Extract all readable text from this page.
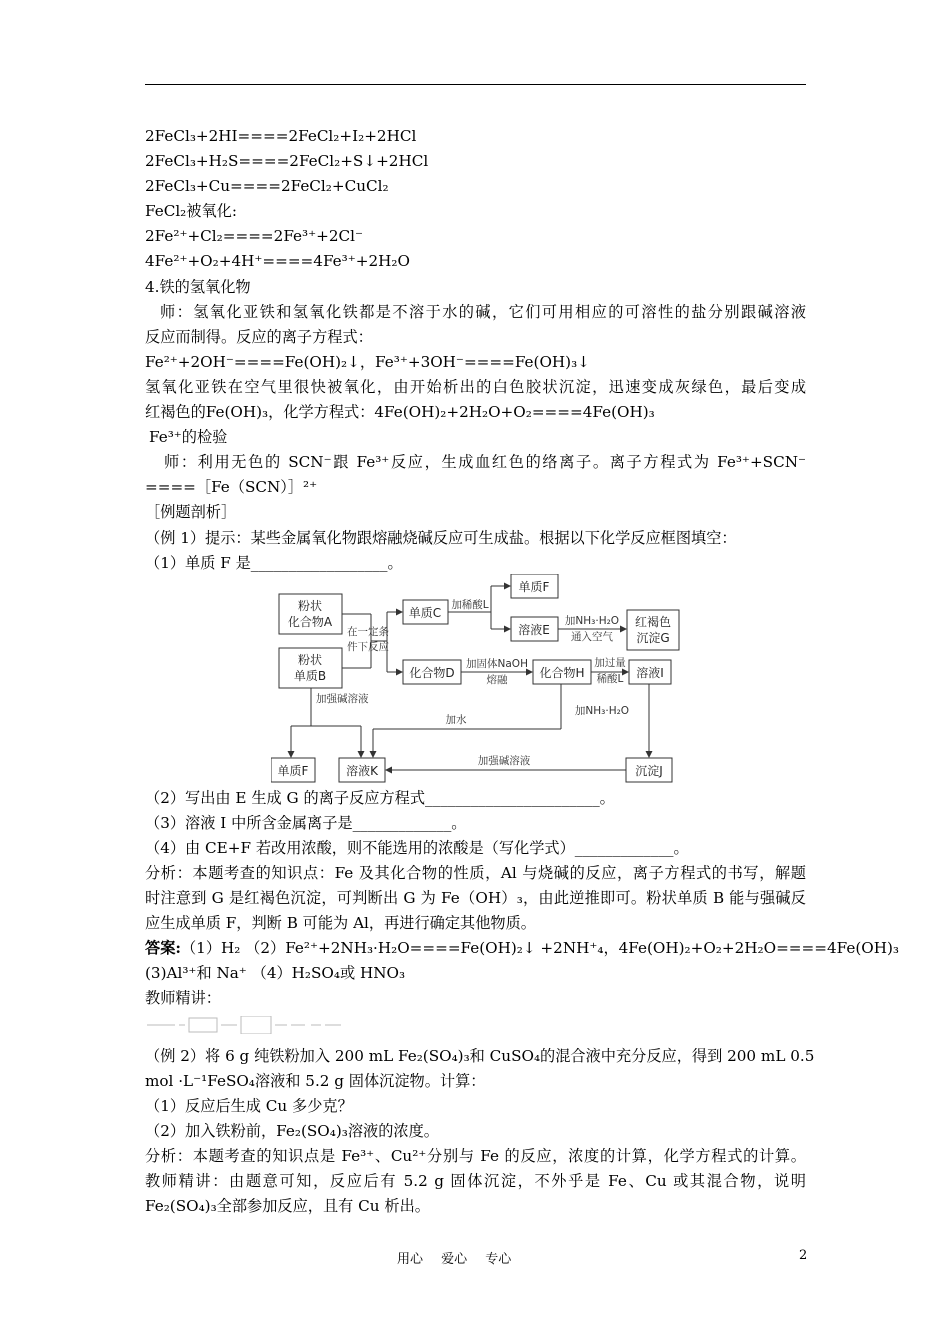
2FeCl₃+2HI====2FeCl₂+I₂+2HCl
2FeCl₃+H₂S====2FeCl₂+S↓+2HCl
2FeCl₃+Cu====2FeCl₂+CuCl₂
FeCl₂被氧化:
2Fe²⁺+Cl₂====2Fe³⁺+2Cl⁻
4Fe²⁺+O₂+4H⁺====4Fe³⁺+2H₂O
4.铁的氢氧化物
师：氢氧化亚铁和氢氧化铁都是不溶于水的碱，它们可用相应的可溶性的盐分别跟碱溶液
反应而制得。反应的离子方程式：
Fe²⁺+2OH⁻====Fe(OH)₂↓，Fe³⁺+3OH⁻====Fe(OH)₃↓
氢氧化亚铁在空气里很快被氧化，由开始析出的白色胶状沉淀，迅速变成灰绿色，最后变成
红褐色的Fe(OH)₃，化学方程式：4Fe(OH)₂+2H₂O+O₂====4Fe(OH)₃
Fe³⁺的检验
师：利用无色的 SCN⁻跟 Fe³⁺反应，生成血红色的络离子。离子方程式为 Fe³⁺+SCN⁻
====［Fe（SCN）］²⁺
［例题剖析］
（例 1）提示：某些金属氧化物跟熔融烧碱反应可生成盐。根据以下化学反应框图填空：
（1）单质 F 是__________________。
粉状
化合物A
粉状
单质B
单质C
化合物D
单质F
溶液E
红褐色
沉淀G
化合物H	溶液I
单质F	溶液K	沉淀J
在一定条
件下反应
加稀酸L
加NH₃·H₂O
通入空气
加固体NaOH
熔融
加过量
稀酸L
加强碱溶液
加水
加NH₃·H₂O
加强碱溶液
（2）写出由 E 生成 G 的离子反应方程式_______________________。
（3）溶液 I 中所含金属离子是_____________。
（4）由 CE+F 若改用浓酸，则不能选用的浓酸是（写化学式）_____________。
分析：本题考查的知识点：Fe 及其化合物的性质，Al 与烧碱的反应，离子方程式的书写，解题
时注意到 G 是红褐色沉淀，可判断出 G 为 Fe（OH）₃，由此逆推即可。粉状单质 B 能与强碱反
应生成单质 F，判断 B 可能为 Al，再进行确定其他物质。
答案:（1）H₂ （2）Fe²⁺+2NH₃·H₂O====Fe(OH)₂↓ +2NH⁺₄，4Fe(OH)₂+O₂+2H₂O====4Fe(OH)₃
(3)Al³⁺和 Na⁺ （4）H₂SO₄或 HNO₃
教师精讲：
（例 2）将 6 g 纯铁粉加入 200 mL Fe₂(SO₄)₃和 CuSO₄的混合液中充分反应，得到 200 mL 0.5
mol ·L⁻¹FeSO₄溶液和 5.2 g 固体沉淀物。计算：
（1）反应后生成 Cu 多少克？
（2）加入铁粉前，Fe₂(SO₄)₃溶液的浓度。
分析：本题考查的知识点是 Fe³⁺、Cu²⁺分别与 Fe 的反应，浓度的计算，化学方程式的计算。
教师精讲：由题意可知，反应后有 5.2 g 固体沉淀，不外乎是 Fe、Cu 或其混合物，说明
Fe₂(SO₄)₃全部参加反应，且有 Cu 析出。
用心 爱心 专心	2
